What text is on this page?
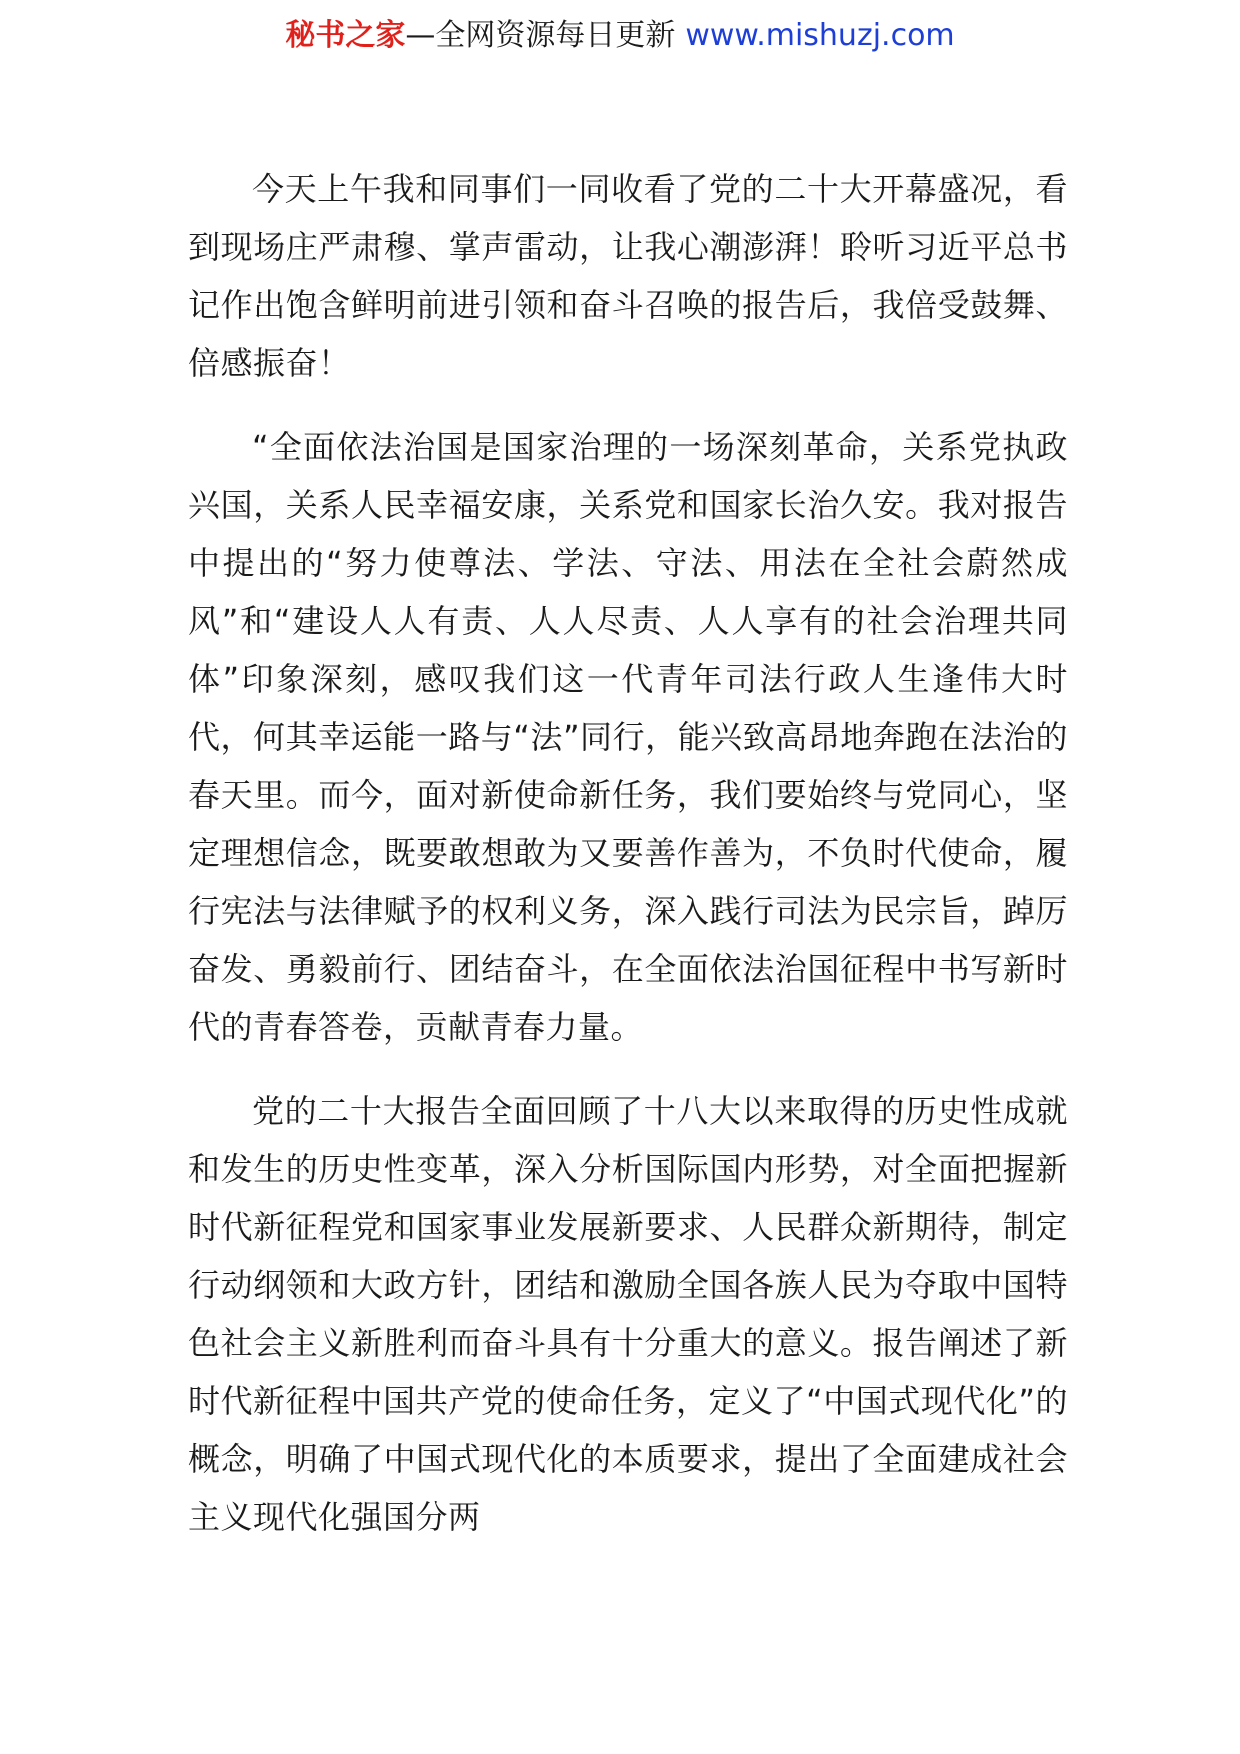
秘书之家—全网资源每日更新 www.mishuzj.com

今天上午我和同事们一同收看了党的二十大开幕盛况，看到现场庄严肃穆、掌声雷动，让我心潮澎湃！聆听习近平总书记作出饱含鲜明前进引领和奋斗召唤的报告后，我倍受鼓舞、倍感振奋！

“全面依法治国是国家治理的一场深刻革命，关系党执政兴国，关系人民幸福安康，关系党和国家长治久安。我对报告中提出的“努力使尊法、学法、守法、用法在全社会蔚然成风”和“建设人人有责、人人尽责、人人享有的社会治理共同体”印象深刻，感叹我们这一代青年司法行政人生逢伟大时代，何其幸运能一路与“法”同行，能兴致高昂地奔跑在法治的春天里。而今，面对新使命新任务，我们要始终与党同心，坚定理想信念，既要敢想敢为又要善作善为，不负时代使命，履行宪法与法律赋予的权利义务，深入践行司法为民宗旨，踔厉奋发、勇毅前行、团结奋斗，在全面依法治国征程中书写新时代的青春答卷，贡献青春力量。

党的二十大报告全面回顾了十八大以来取得的历史性成就和发生的历史性变革，深入分析国际国内形势，对全面把握新时代新征程党和国家事业发展新要求、人民群众新期待，制定行动纲领和大政方针，团结和激励全国各族人民为夺取中国特色社会主义新胜利而奋斗具有十分重大的意义。报告阐述了新时代新征程中国共产党的使命任务，定义了“中国式现代化”的概念，明确了中国式现代化的本质要求，提出了全面建成社会主义现代化强国分两
